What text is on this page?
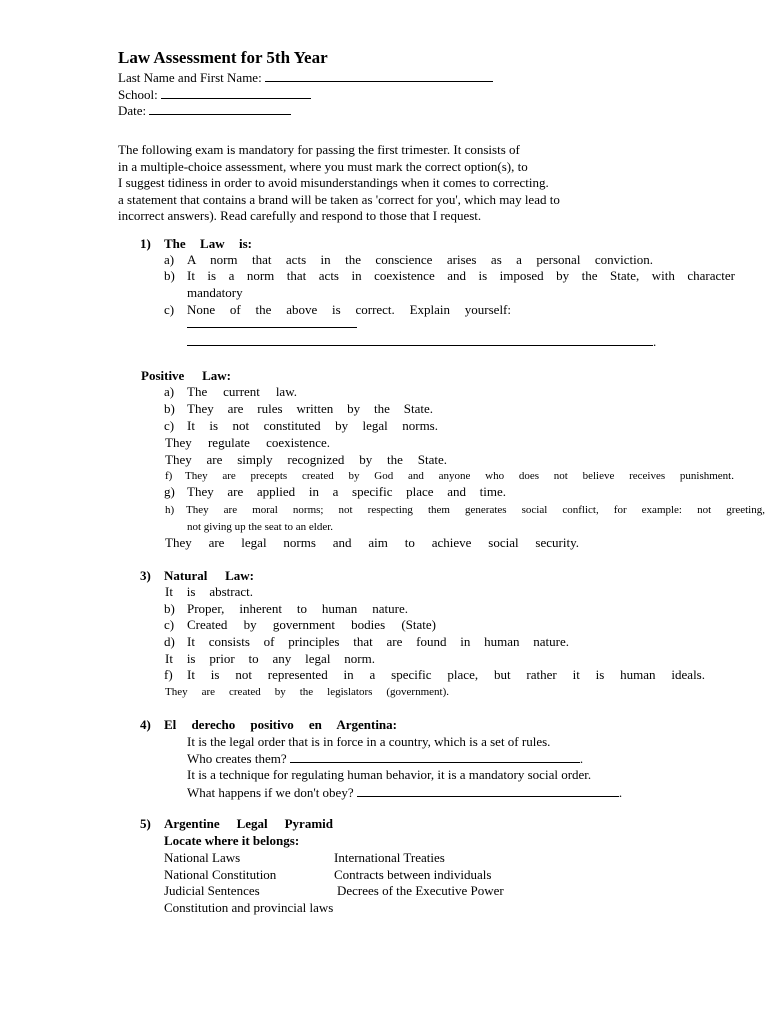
Law Assessment for 5th Year
Last Name and First Name:
School:
Date:
The following exam is mandatory for passing the first trimester. It consists of
in a multiple-choice assessment, where you must mark the correct option(s), to
I suggest tidiness in order to avoid misunderstandings when it comes to correcting.
a statement that contains a brand will be taken as 'correct for you', which may lead to
incorrect answers). Read carefully and respond to those that I request.
1) The Law is:
a) A norm that acts in the conscience arises as a personal conviction.
b) It is a norm that acts in coexistence and is imposed by the State, with character
mandatory
c) None of the above is correct. Explain yourself:
.
Positive Law:
a) The current law.
b) They are rules written by the State.
c) It is not constituted by legal norms.
They regulate coexistence.
They are simply recognized by the State.
f) They are precepts created by God and anyone who does not believe receives punishment.
g) They are applied in a specific place and time.
h) They are moral norms; not respecting them generates social conflict, for example: not greeting,
not giving up the seat to an elder.
They are legal norms and aim to achieve social security.
3) Natural Law:
It is abstract.
b) Proper, inherent to human nature.
c) Created by government bodies (State)
d) It consists of principles that are found in human nature.
It is prior to any legal norm.
f) It is not represented in a specific place, but rather it is human ideals.
They are created by the legislators (government).
4) El derecho positivo en Argentina:
It is the legal order that is in force in a country, which is a set of rules.
Who creates them?	.
It is a technique for regulating human behavior, it is a mandatory social order.
What happens if we don't obey?	.
5) Argentine Legal Pyramid
Locate where it belongs:
National Laws	International Treaties
National Constitution	Contracts between individuals
Judicial Sentences	Decrees of the Executive Power
Constitution and provincial laws
